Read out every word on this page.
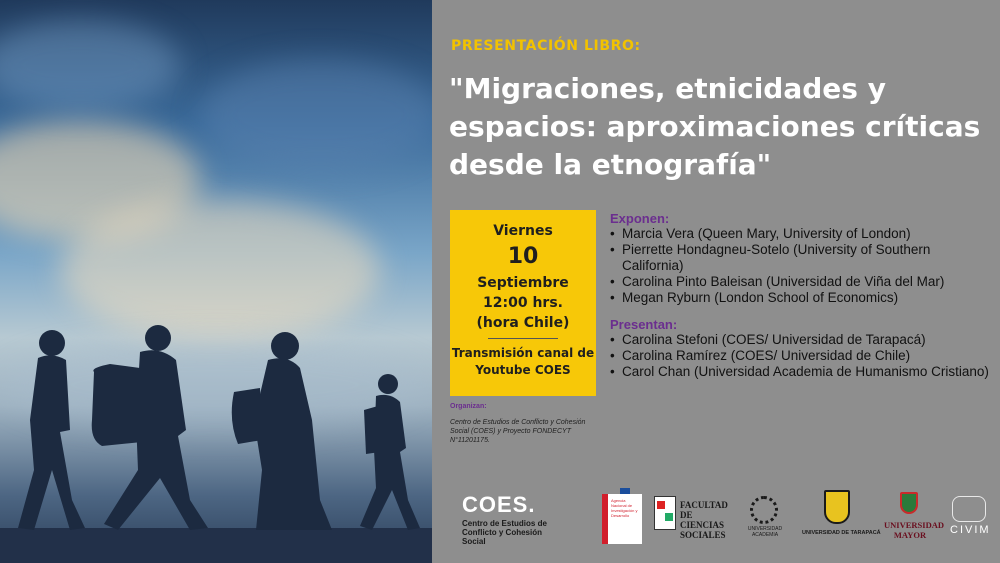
PRESENTACIÓN LIBRO:
"Migraciones, etnicidades y espacios: aproximaciones críticas desde la etnografía"
Viernes
10
Septiembre
12:00 hrs.
(hora Chile)
Transmisión canal de Youtube COES
Exponen:
• Marcia Vera (Queen Mary, University of London)
• Pierrette Hondagneu-Sotelo (University of Southern California)
• Carolina Pinto Baleisan (Universidad de Viña del Mar)
• Megan Ryburn (London School of Economics)
Presentan:
• Carolina Stefoni (COES/ Universidad de Tarapacá)
• Carolina Ramírez (COES/ Universidad de Chile)
• Carol Chan (Universidad Academia de Humanismo Cristiano)
Organizan:
Centro de Estudios de Conflicto y Cohesión Social (COES) y Proyecto FONDECYT N°11201175.
COES.
Centro de Estudios de Conflicto y Cohesión Social
Agencia Nacional de Investigación y Desarrollo
FACULTAD DE CIENCIAS SOCIALES
UNIVERSIDAD ACADEMIA	UNIVERSIDAD DE TARAPACÁ
UNIVERSIDAD MAYOR	CIVIM
